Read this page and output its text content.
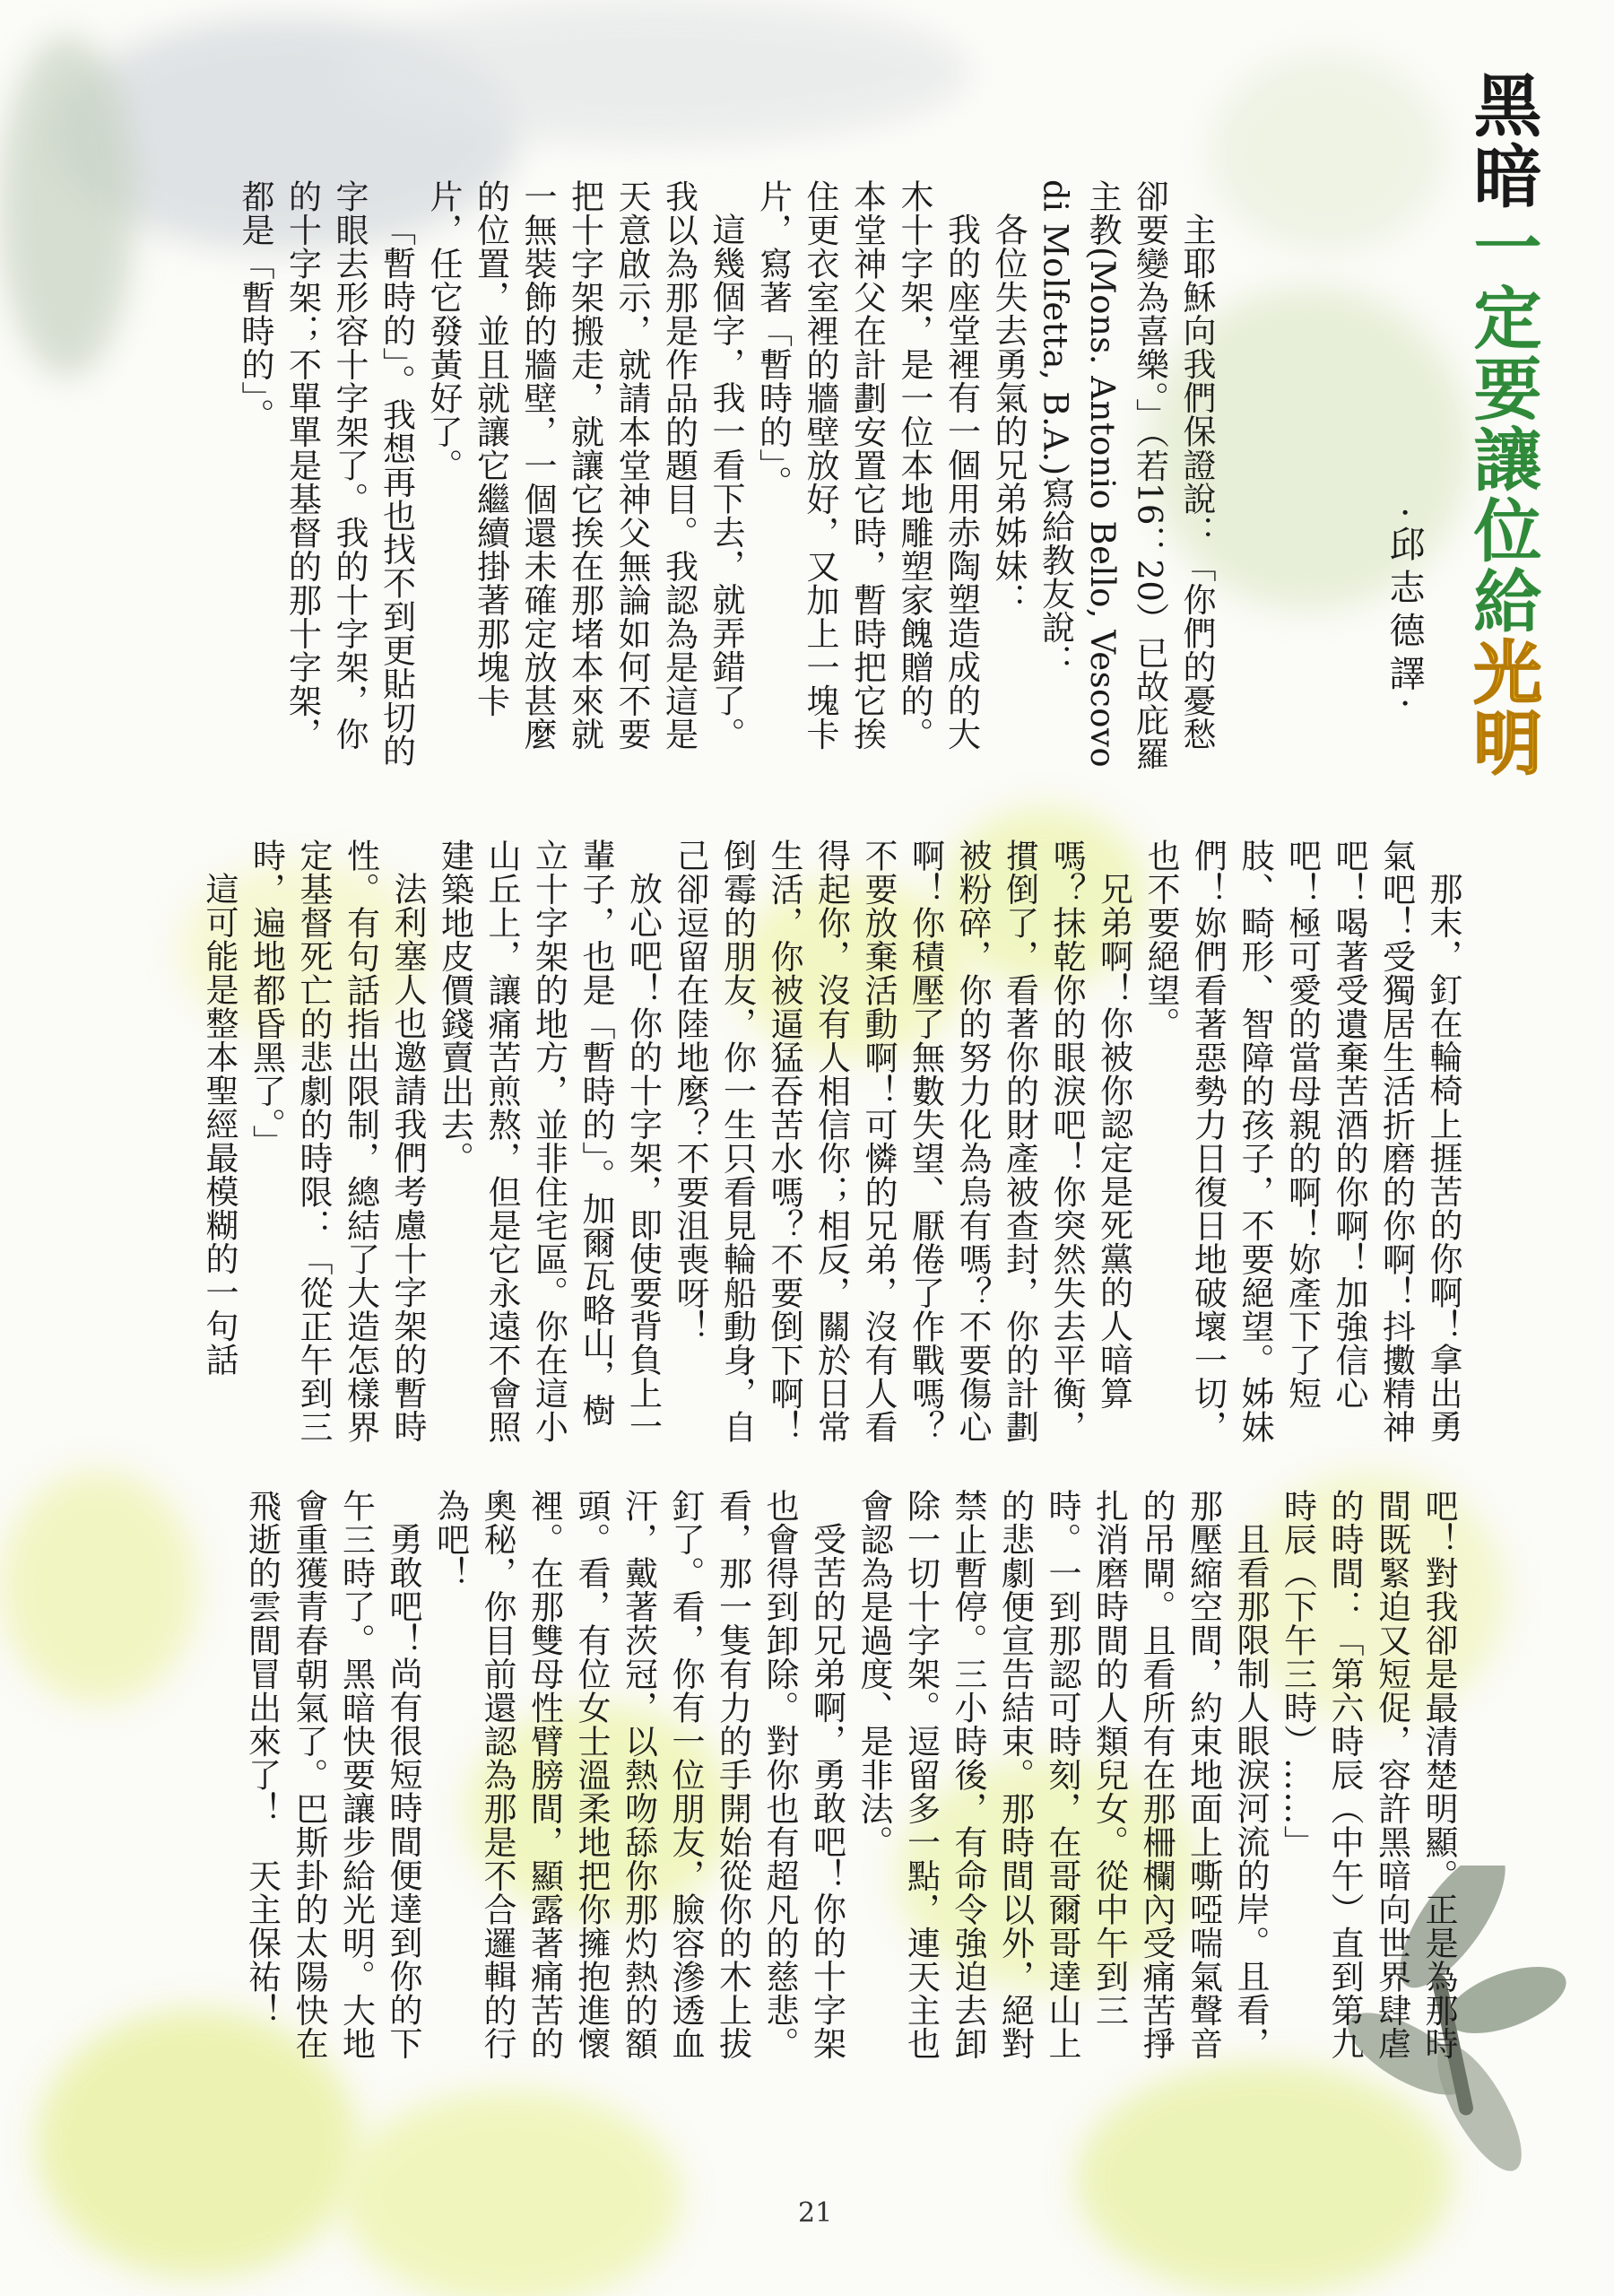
黑暗一定要讓位給光明
·邱志德譯·

主耶穌向我們保證說：「你們的憂愁卻要變為喜樂。」（若16：20）已故庇羅主教(Mons. Antonio Bello, Vescovo di Molfetta, B.A.)寫給教友說：

各位失去勇氣的兄弟姊妹：

我的座堂裡有一個用赤陶塑造成的大木十字架，是一位本地雕塑家餽贈的。本堂神父在計劃安置它時，暫時把它挨住更衣室裡的牆壁放好，又加上一塊卡片，寫著「暫時的」。

這幾個字，我一看下去，就弄錯了。我以為那是作品的題目。我認為是這是天意啟示，就請本堂神父無論如何不要把十字架搬走，就讓它挨在那堵本來就一無裝飾的牆壁，一個還未確定放甚麼的位置，並且就讓它繼續掛著那塊卡片，任它發黃好了。

「暫時的」。我想再也找不到更貼切的字眼去形容十字架了。我的十字架，你的十字架；不單單是基督的那十字架，都是「暫時的」。

那末，釘在輪椅上捱苦的你啊！拿出勇氣吧！受獨居生活折磨的你啊！抖擻精神吧！喝著受遺棄苦酒的你啊！加強信心吧！極可愛的當母親的啊！妳產下了短肢、畸形、智障的孩子，不要絕望。姊妹們！妳們看著惡勢力日復日地破壞一切，也不要絕望。

兄弟啊！你被你認定是死黨的人暗算嗎？抹乾你的眼淚吧！你突然失去平衡，摜倒了，看著你的財產被查封，你的計劃被粉碎，你的努力化為烏有嗎？不要傷心啊！你積壓了無數失望、厭倦了作戰嗎？不要放棄活動啊！可憐的兄弟，沒有人看得起你，沒有人相信你；相反，關於日常生活，你被逼猛吞苦水嗎？不要倒下啊！倒霉的朋友，你一生只看見輪船動身，自己卻逗留在陸地麼？不要沮喪呀！

放心吧！你的十字架，即使要背負上一輩子，也是「暫時的」。加爾瓦略山，樹立十字架的地方，並非住宅區。你在這小山丘上，讓痛苦煎熬，但是它永遠不會照建築地皮價錢賣出去。

法利塞人也邀請我們考慮十字架的暫時性。有句話指出限制，總結了大造怎樣界定基督死亡的悲劇的時限：「從正午到三時，遍地都昏黑了。」

這可能是整本聖經最模糊的一句話

吧！對我卻是最清楚明顯。正是為那時間既緊迫又短促，容許黑暗向世界肆虐的時間：「第六時辰（中午）直到第九時辰（下午三時）……」

且看那限制人眼淚河流的岸。且看，那壓縮空間，約束地面上嘶啞喘氣聲音的吊閘。且看所有在那柵欄內受痛苦掙扎消磨時間的人類兒女。從中午到三時。一到那認可時刻，在哥爾哥達山上的悲劇便宣告結束。那時間以外，絕對禁止暫停。三小時後，有命令強迫去卸除一切十字架。逗留多一點，連天主也會認為是過度、是非法。

受苦的兄弟啊，勇敢吧！你的十字架也會得到卸除。對你也有超凡的慈悲。看，那一隻有力的手開始從你的木上拔釘了。看，你有一位朋友，臉容滲透血汗，戴著茨冠，以熱吻舔你那灼熱的額頭。看，有位女士溫柔地把你擁抱進懷裡。在那雙母性臂膀間，顯露著痛苦的奧秘，你目前還認為那是不合邏輯的行為吧！

勇敢吧！尚有很短時間便達到你的下午三時了。黑暗快要讓步給光明。大地會重獲青春朝氣了。巴斯卦的太陽快在飛逝的雲間冒出來了！　天主保祐！

21
